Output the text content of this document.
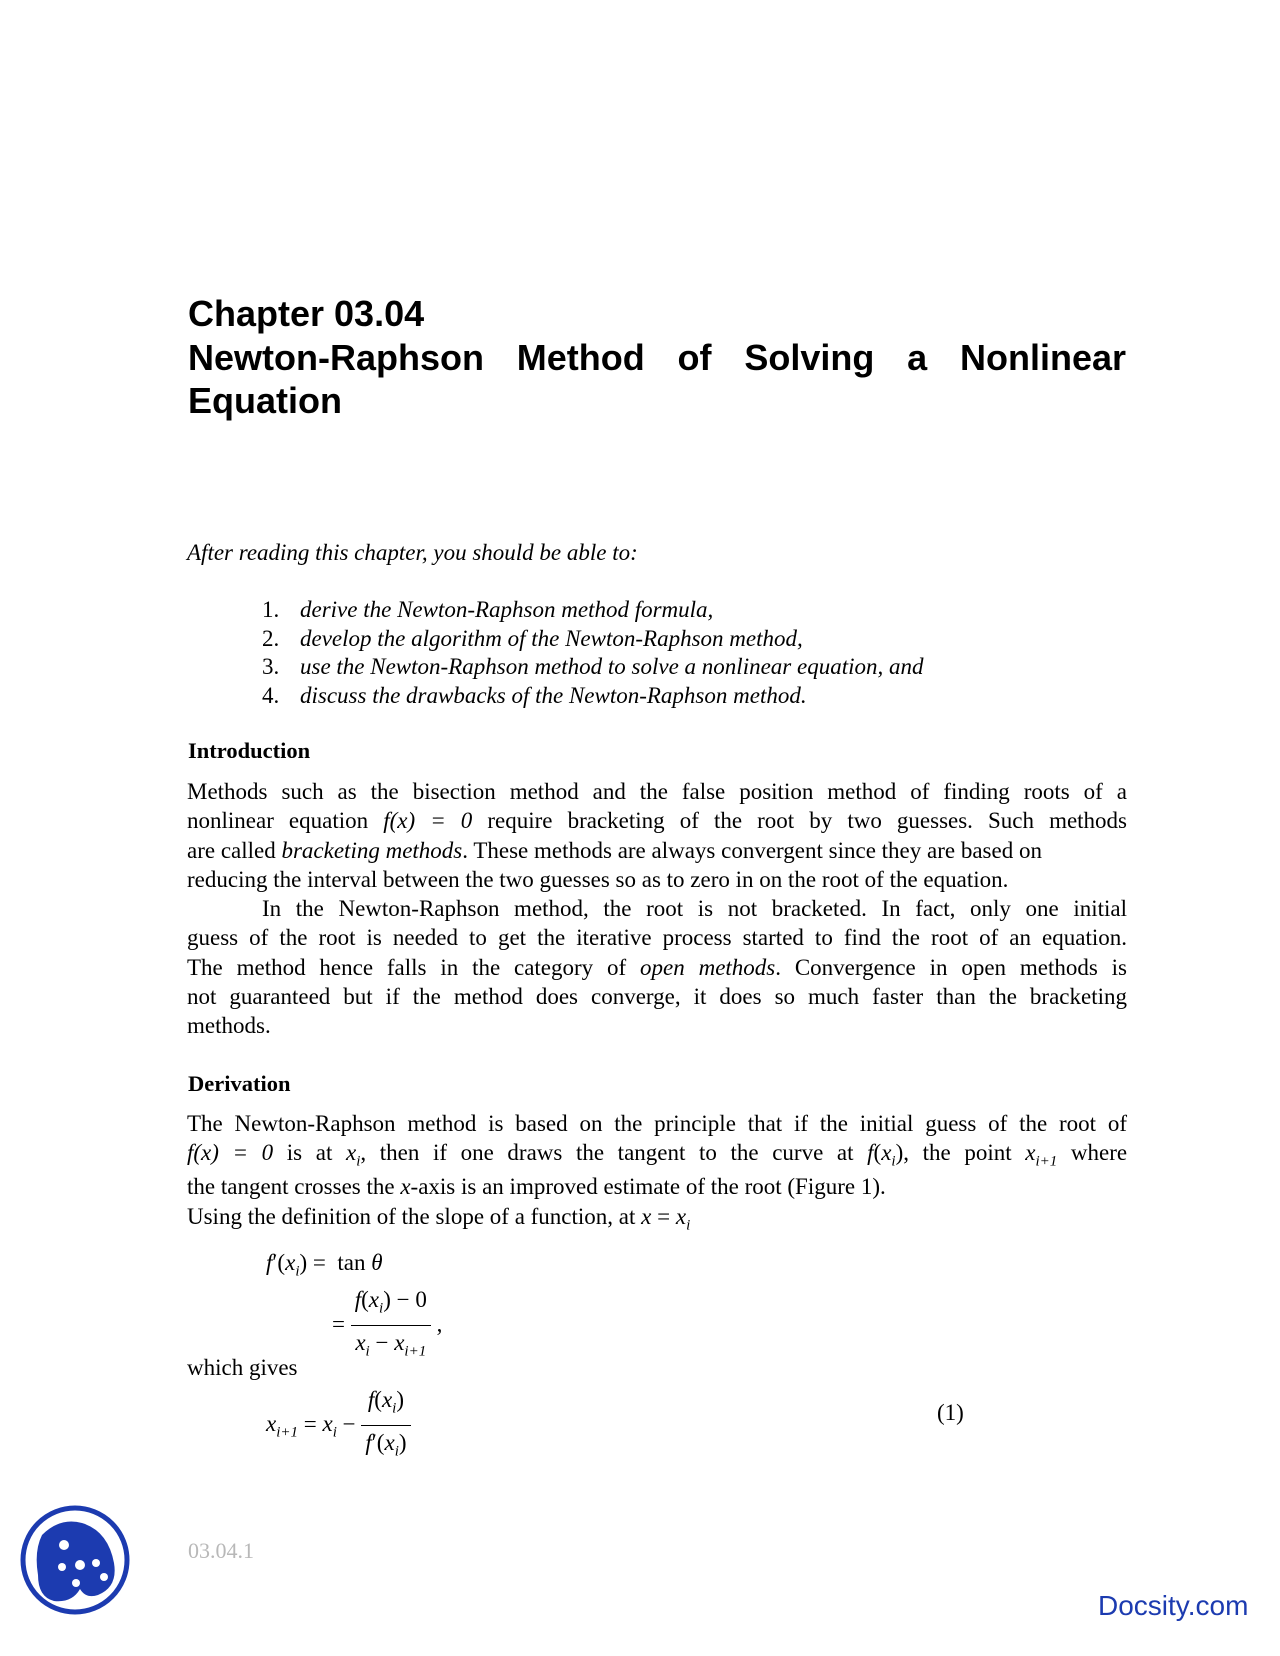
Chapter 03.04
Newton-Raphson Method of Solving a Nonlinear
Equation
After reading this chapter, you should be able to:
1. derive the Newton-Raphson method formula,
2. develop the algorithm of the Newton-Raphson method,
3. use the Newton-Raphson method to solve a nonlinear equation, and
4. discuss the drawbacks of the Newton-Raphson method.
Introduction
Methods such as the bisection method and the false position method of finding roots of a
nonlinear equation f(x) = 0 require bracketing of the root by two guesses. Such methods
are called bracketing methods. These methods are always convergent since they are based on
reducing the interval between the two guesses so as to zero in on the root of the equation.
In the Newton-Raphson method, the root is not bracketed. In fact, only one initial
guess of the root is needed to get the iterative process started to find the root of an equation.
The method hence falls in the category of open methods. Convergence in open methods is
not guaranteed but if the method does converge, it does so much faster than the bracketing
methods.
Derivation
The Newton-Raphson method is based on the principle that if the initial guess of the root of
f(x) = 0 is at $x_i$, then if one draws the tangent to the curve at $f(x_i)$, the point $x_{i+1}$ where
the tangent crosses the x-axis is an improved estimate of the root (Figure 1).
Using the definition of the slope of a function, at $x = x_i$
$f'(x_i) = \tan \theta$
= $\frac{f(x_i) - 0}{x_i - x_{i+1}}$ ,
which gives
$x_{i+1} = x_i - \frac{f(x_i)}{f'(x_i)}$	(1)
03.04.1
Docsity.com
